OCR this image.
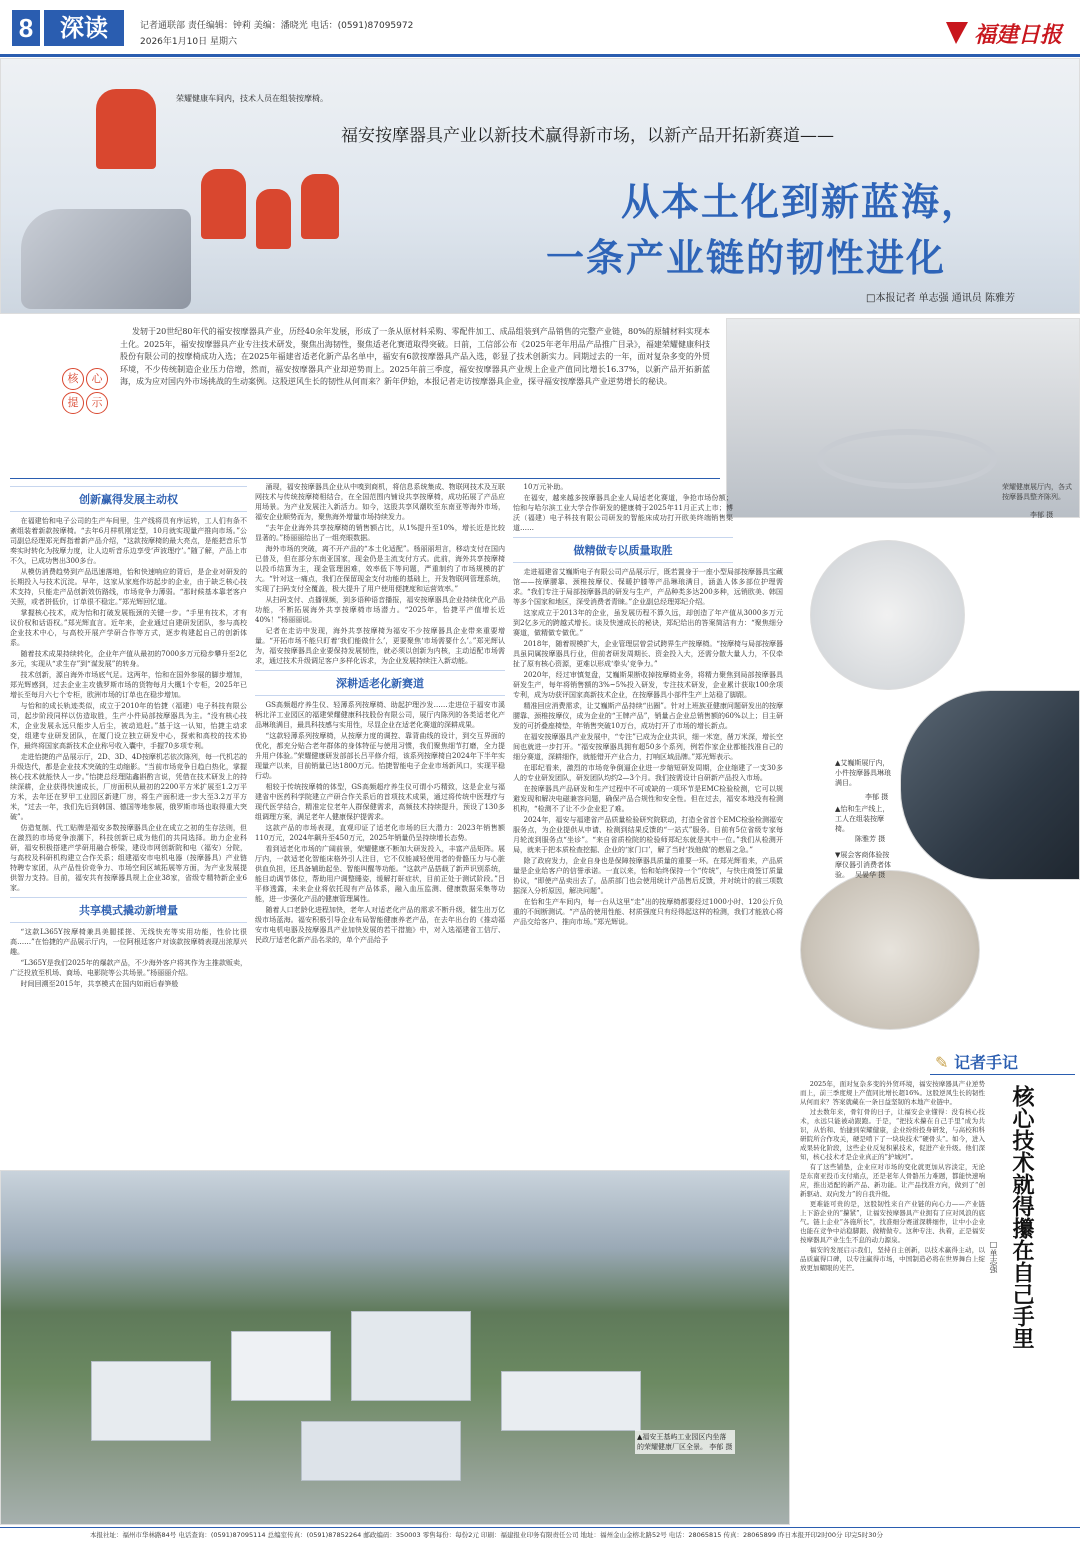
8	深读	记者通联部 责任编辑：钟莉 美编：潘晓光 电话：(0591)87095972
2026年1月10日 星期六	福建日报
荣耀健康车间内，技术人员在组装按摩椅。
福安按摩器具产业以新技术赢得新市场，以新产品开拓新赛道——
从本土化到新蓝海，
一条产业链的韧性进化
□本报记者 单志强 通讯员 陈雅芳
核	心
提	示
发轫于20世纪80年代的福安按摩器具产业，历经40余年发展，形成了一条从原材料采购、零配件加工、成品组装到产品销售的完整产业链，80%的原辅材料实现本土化。2025年，福安按摩器具产业专注技术研发，聚焦出海韧性，聚焦适老化赛道取得突破。日前，工信部公布《2025年老年用品产品推广目录》，福建荣耀健康科技股份有限公司的按摩椅成功入选；在2025年福建省适老化新产品名单中，福安有6款按摩器具产品入选，彰显了技术创新实力。同期过去的一年，面对复杂多变的外贸环境，不少传统制造企业压力倍增，然而，福安按摩器具产业却逆势而上。2025年前三季度，福安按摩器具产业规上企业产值同比增长16.37%，以新产品开拓新蓝海，成为应对国内外市场挑战的生动案例。这股逆风生长的韧性从何而来？新年伊始，本报记者走访按摩器具企业，探寻福安按摩器具产业逆势增长的秘诀。
荣耀健康展厅内，各式按摩器具整齐陈列。
李郁 摄
▲艾巍斯展厅内，小件按摩器具琳琅满目。
李郁 摄
▲怡和生产线上，工人在组装按摩椅。
陈雅芳 摄
▼展会客商体验按摩仪器引消费者体验。 吴晏华 摄
创新赢得发展主动权

在福建怡和电子公司的生产车间里，生产线将员有序运转，工人们有条不紊组装着新款按摩椅。“去年6月样机刚定型，10月就实现量产推向市场。”公司副总经理郑光辉指着新产品介绍，“这款按摩椅的最大亮点，是能把音乐节奏实时转化为按摩力度，让人边听音乐边享受‘声波理疗’。”随了解，产品上市不久，已成功售出300多台。

从模仿消费趋势到产品迅速落地，怡和快速响应的背后，是企业对研发的长期投入与技术沉淀。早年，这家从家庭作坊起步的企业，由于缺乏核心技术支持，只能走产品创新效仿路线，市场竞争力薄弱。“那时候基本靠老客户关照，或者拼低价，订单很不稳定。”郑光辉回忆道。

掌握核心技术，成为怡和打破发展瓶颈的关键一步。“手里有技术，才有议价权和话语权。”郑光辉直言。近年来，企业通过自建研发团队，参与高校企业技术中心，与高校开展产学研合作等方式，逐步构建起自己的创新体系。

随着技术成果持续转化，企业年产值从最初的7000多万元稳步攀升至2亿多元，实现从“求生存”到“谋发展”的转身。

技术创新，源自海外市场底气足。这两年，怡和在国外参展的脚步增加，郑光辉感到，过去企业主攻俄罗斯市场的货物每月大概1个专柜，2025年已增长至每月六七个专柜，欧洲市场的订单也在稳步增加。

与怡和的成长轨迹类似，成立于2010年的怡捷（福建）电子科技有限公司，起步阶段同样以仿造取胜，生产小件局部按摩器具为主。“没有核心技术，企业发展永远只能步人后尘，被动追赶。”基于这一认知，怡捷主动求变，组建专业研发团队，在厦门设立独立研发中心，探索和高校的技术协作，最终将国家高新技术企业称号收入囊中，手握70多项专利。

走进怡捷的产品展示厅，2D、3D、4D按摩机芯依次陈列，每一代机芯的升级迭代，都是企业技术突破的生动缩影。“当前市场竞争日趋白热化，掌握核心技术就能快人一步。”怡捷总经理陆鑫斟酌言说，凭借在技术研发上的持续深耕，企业获得快速成长，厂房面积从最初的2200平方米扩展至1.2万平方米，去年还在罗甲工业园区新建厂房，将生产面积进一步大至3.2万平方米，“过去一年，我们先后到韩国、德国等地参展，俄罗斯市场也取得重大突破”。

仿造复制、代工贴牌是福安多数按摩器具企业在成立之初的生存法则，但在激烈的市场竞争浪潮下，科技创新已成为他们的共同选择。助力企业科研，福安积极搭建产学研用融合桥梁，建设市网创新院和电（福安）分院，与高校及科研机构建立合作关系；组建福安市电机电器（按摩器具）产业链特聘专家团，从产品性价竞争力、市场空间区域拓展等方面，为产业发展提供智力支持。目前，福安共有按摩器具规上企业38家，省级专精特新企业6家。

共享模式撬动新增量

“这款L365Y按摩椅兼具美腿揉搓、无线快充等实用功能，性价比很高……”在怡捷的产品展示厅内，一位阿根廷客户对该款按摩椅表现出浓厚兴趣。

“L365Y是我们2025年的爆款产品，不少海外客户将其作为主推款贩卖，广泛投放至机场、商场、电影院等公共场景。”杨丽丽介绍。

时间回溯至2015年，共享模式在国内如雨后春笋般

涌现，福安按摩器具企业从中嗅到商机，将信息系统集成、物联网技术及互联网技术与传统按摩椅相结合，在全国范围内铺设共享按摩椅，成功拓展了产品应用场景。为产业发展注入新活力。如今，这股共享风潮吹至东南亚等海外市场，福安企业顺势而为，聚焦海外增量市场持续发力。

“去年企业海外共享按摩椅的销售额占比，从1%提升至10%，增长近是比较显著的。”杨丽丽给出了一组亮眼数据。

海外市场的突破，离不开产品的“本土化适配”。杨丽丽坦言，移动支付在国内已普及，但在部分东南亚国家，现金仍是主流支付方式。此前，海外共享按摩椅以投币结算为主，现金管理困难，效率低下等问题，严重制约了市场规模的扩大。“针对这一痛点，我们在保留现金支付功能的基础上，开发物联网管理系统，实现了扫码支付全覆盖，极大提升了用户使用便捷度和运营效率。”

从扫码支付、点播视频，到多语种语音播报，福安按摩器具企业持续优化产品功能，不断拓展海外共享按摩椅市场潜力。“2025年，怡捷平产值增长近40%！”杨丽丽说。

记者在走访中发现，海外共享按摩椅为福安不少按摩器具企业带来重要增量。“开拓市场不能只盯着‘我们能做什么’，更要聚焦‘市场需要什么’。”郑光辉认为，福安按摩器具企业要保持发展韧性，就必须以创新为内核，主动适配市场需求，通过技术升级调足客户多样化诉求，为企业发展持续注入新动能。

深耕适老化新赛道

GS高频超疗养生仪、轻薄系列按摩椅、助起护理沙发……走进位于福安市溪柄北洋工业园区的福建荣耀健康科技股份有限公司，展厅内陈列的各类适老化产品琳琅满目，最具科技感与实用性，尽显企业在适老化赛道的深耕成果。

“这款轻薄系列按摩椅，从按摩力度的调控、靠背曲线的设计，到交互界面的优化，都充分贴合老年群体的身体特征与使用习惯，我们聚焦细节打磨，全力提升用户体验。”荣耀健康研发部部长吕平修介绍，该系列按摩椅自2024年下半年实现量产以来，目前销量已达1800万元。怡捷智能电子企业市场新风口，实现平稳行动。

相较于传统按摩椅的体型，GS高频超疗养生仪可谓小巧精致，这是企业与福建省中医药科学院建立产研合作关系后的首项技术成果，通过将传统中医理疗与现代医学结合，精准定位老年人群保健需求，高频技术持续提升，预设了130多组调理方案，满足老年人健康保护提需求。

这款产品的市场表现，直观印证了适老化市场的巨大潜力：2023年销售额110万元，2024年飙升至450万元，2025年销量仍呈持续增长态势。

看到适老化市场的广阔前景，荣耀健康不断加大研发投入，丰富产品矩阵。展厅内，一款适老化智能床格外引人注目，它不仅能减轻使用者的骨骼压力与心脏供血负担，还具备辅助起坐、智能叫醒等功能。“这款产品搭载了新声识别系统，能目动调节体位，帮助用户调整睡姿，缓解打鼾症状，目前正处于测试阶段。”吕平修透露，未来企业将依托现有产品体系，融入血压监测、健康数据采集等功能，进一步强化产品的健康管理属性。

随着人口老龄化进程加快，老年人对适老化产品的需求不断升级，催生出万亿级市场蓝海。福安积极引导企业布局智能健康养老产品，在去年出台的《推动福安市电机电器及按摩器具产业加快发展的若干措施》中，对入选福建省工信厅、民政厅适老化新产品名录的，单个产品给予

10万元补助。

在福安，越来越多按摩器具企业人局适老化赛道，争抢市场份额；怡和与哈尔滨工业大学合作研发的健康椅于2025年11月正式上市；博沃（福建）电子科技有限公司研发的智能床成功打开欧美终端销售渠道……

做精做专以质量取胜

走进福建省艾巍斯电子有限公司产品展示厅，既若置身于一座小型局部按摩器具宝藏馆——按摩腰靠、颈椎按摩仪、保暖护膝等产品琳琅满目，涵盖人体多部位护理需求。“我们专注于局部按摩器具的研发与生产，产品种类多达200多种，远销欧美、韩国等多个国家和地区，深受消费者青睐。”企业副总经理郑纪介绍。

这家成立于2013年的企业，虽发展历程不算久远，却创造了年产值从3000多万元到2亿多元的跨越式增长。谈及快速成长的秘诀，郑纪给出的答案简洁有力：“聚焦细分赛道，做精做专做优。”

2018年，随着规模扩大，企业管理层曾尝试跨界生产按摩椅。“按摩椅与局部按摩器具虽同属按摩器具行业，但前者研发周期长、资金投入大，还需分散大量人力，不仅牵扯了原有核心资源，更难以形成‘拳头’竞争力。”

2020年，经过审慎复盘，艾巍斯果断收掉按摩椅业务，将精力聚焦到局部按摩器具研发生产，每年将销售额的3%~5%投入研发，专注技术研发，企业累计获取100余项专利，成为功获评国家高新技术企业，在按摩器具小部件生产上站稳了脚跟。

精准回应消费需求，让艾巍斯产品持续“出圈”。针对上班族亚健康问题研发出的按摩腰靠、颈椎按摩仪，成为企业的“王牌产品”，销量占企业总销售额的60%以上；目主研发的可折叠座椅垫，年销售突破10万台，成功打开了市场的增长新点。

在福安按摩器具产业发展中，“专注”已成为企业共识，细一米宽，凿万米深，增长空间也就进一步打开。“福安按摩器具拥有超50多个系列，例若作家企业都能找准自己的细分赛道，深耕细作，就能错开产业合力，打响区域品牌。”郑光辉表示。

在耶纪看来，激烈的市场竞争倒逼企业进一步缩短研发周期，企业缩建了一支30多人的专业研发团队，研发团队均约2—3个月。我们按需设计自研新产品投入市场。

在按摩器具产品研发和生产过程中不可或缺的一项环节是EMC检验检测，它可以规避发现和解决电磁兼容问题，确保产品合规性和安全性。但在过去，福安本地没有检测机构，“检测不了让不少企业犯了难。

2024年，福安与福建省产品质量检验研究院联动，打造全省首个EMC检验检测福安服务点，为企业提供从申请、检测到结果反馈的“一站式”服务。目前有5位省级专家每月轮流到服务点“坐诊”。“来自省质检院的检验师郑纪东就是其中一位。”我们从检测开局，就来于把本质检查挖掘、企业的‘家门口’，解了当时‘找他做’的燃眉之急。”

除了政府发力，企业自身也是保障按摩器具质量的重要一环。在郑光辉看来，产品质量是企业给客户的信誉承诺。一直以来，怡和始终保持一个“传统”，与快庄商签订质量协议，“即使产品卖出去了，品质部门也会使用统计产品售后反馈，并对统计的前三项数据深入分析原因，解决问题”。

在怡和生产车间内，每一台从这里“走”出的按摩椅都要经过1000小时、120公斤负重的不间断测试。“产品的使用性能、材质强度只有经得起这样的检测，我们才能放心将产品交给客户、推向市场。”郑光辉说。

✎ 记者手记

2025年，面对复杂多变的外贸环境，福安按摩器具产业逆势而上，前三季度规上产值同比增长超16%。这股逆风生长的韧性从何而来？答案就藏在一条日益坚韧的本地产业链中。

过去数年来，骨钉骨的日子，让福安企业懂得：没有核心技术，永远只能被动跟跑。于是，“把技术攥在自己手里”成为共识，从怡和、怡捷到荣耀健康，企业纷纷投身研发，与高校和科研院所合作攻关，硬是啃下了一块块技术“硬骨头”。如今，进入成果转化阶段，这些企业反复积累技术，促进产业升级。他们深知，核心技术才是企业真正的“护城河”。

有了这些铺垫，企业应对市场的变化就更加从容淡定，无论是东南亚投币支付痛点，还是老年人骨骼压力难题，都能快速响应，推出适配的新产品、新功能。让产品找准方向，做到了“创新驱动、双向发力”的自我升级。

更难能可贵的是，这股韧性来自产业链的向心力——产业链上下游企业的“攥紧”，让福安按摩器具产业拥有了应对风浪的底气。链上企业“各施所长”，找准细分赛道深耕细作，让中小企业也能在竞争中站稳脚跟、做精做专。这种专注、执着，正是福安按摩器具产业生生不息的动力源泉。

福安的发展启示我们，坚持自主创新，以技术赢得主动，以品质赢得口碑，以专注赢得市场，中国制造必将在世界舞台上绽放更加耀眼的光芒。	核心技术就得攥在自己手里
□单志强
▲福安王基屿工业园区内坐落的荣耀健康厂区全景。 李郁 摄
本报社址：福州市华林路84号 电话查询：(0591)87095114 总编室传真：(0591)87852264 邮政编码：350003 零售每份：每份2元 印刷：福建报业印务有限责任公司 地址：福州金山金榕北路52号 电话：28065815 传真：28065899 昨日本报开印2时00分 印完5时30分
